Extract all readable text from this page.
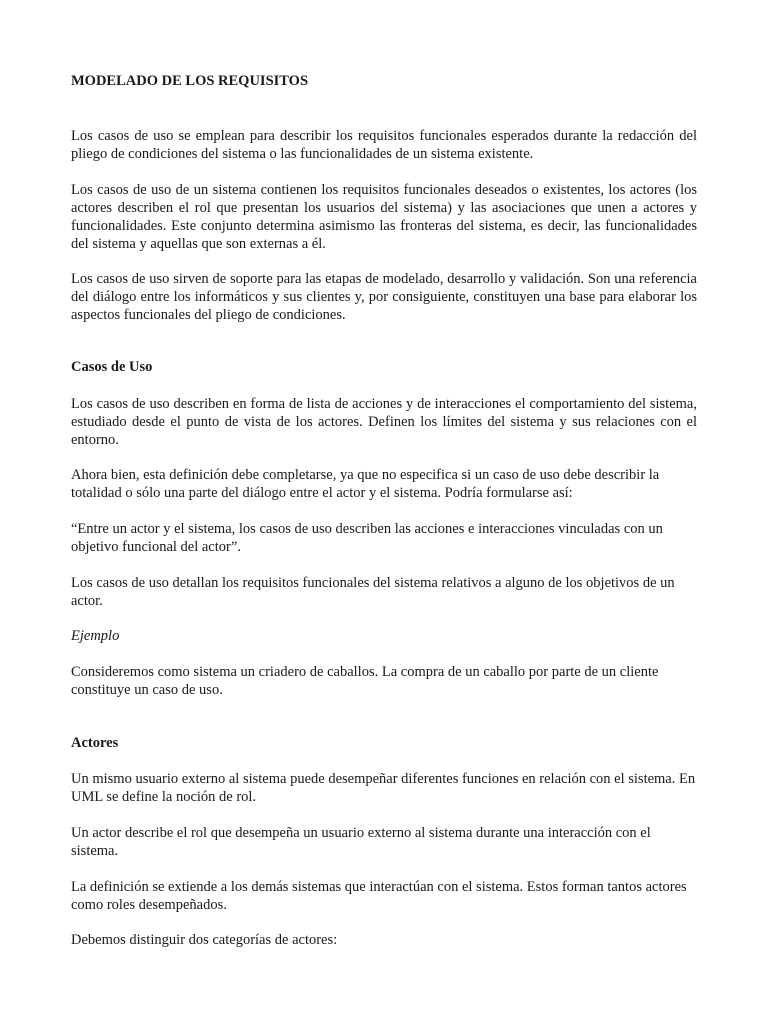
MODELADO DE LOS REQUISITOS

Los casos de uso se emplean para describir los requisitos funcionales esperados durante la redacción del pliego de condiciones del sistema o las funcionalidades de un sistema existente.

Los casos de uso de un sistema contienen los requisitos funcionales deseados o existentes, los actores (los actores describen el rol que presentan los usuarios del sistema) y las asociaciones que unen a actores y funcionalidades. Este conjunto determina asimismo las fronteras del sistema, es decir, las funcionalidades del sistema y aquellas que son externas a él.

Los casos de uso sirven de soporte para las etapas de modelado, desarrollo y validación. Son una referencia del diálogo entre los informáticos y sus clientes y, por consiguiente, constituyen una base para elaborar los aspectos funcionales del pliego de condiciones.

Casos de Uso

Los casos de uso describen en forma de lista de acciones y de interacciones el comportamiento del sistema, estudiado desde el punto de vista de los actores. Definen los límites del sistema y sus relaciones con el entorno.

Ahora bien, esta definición debe completarse, ya que no especifica si un caso de uso debe describir la totalidad o sólo una parte del diálogo entre el actor y el sistema. Podría formularse así:

“Entre un actor y el sistema, los casos de uso describen las acciones e interacciones vinculadas con un objetivo funcional del actor”.

Los casos de uso detallan los requisitos funcionales del sistema relativos a alguno de los objetivos de un actor.

Ejemplo

Consideremos como sistema un criadero de caballos. La compra de un caballo por parte de un cliente constituye un caso de uso.

Actores

Un mismo usuario externo al sistema puede desempeñar diferentes funciones en relación con el sistema. En UML se define la noción de rol.

Un actor describe el rol que desempeña un usuario externo al sistema durante una interacción con el sistema.

La definición se extiende a los demás sistemas que interactúan con el sistema. Estos forman tantos actores como roles desempeñados.

Debemos distinguir dos categorías de actores:
